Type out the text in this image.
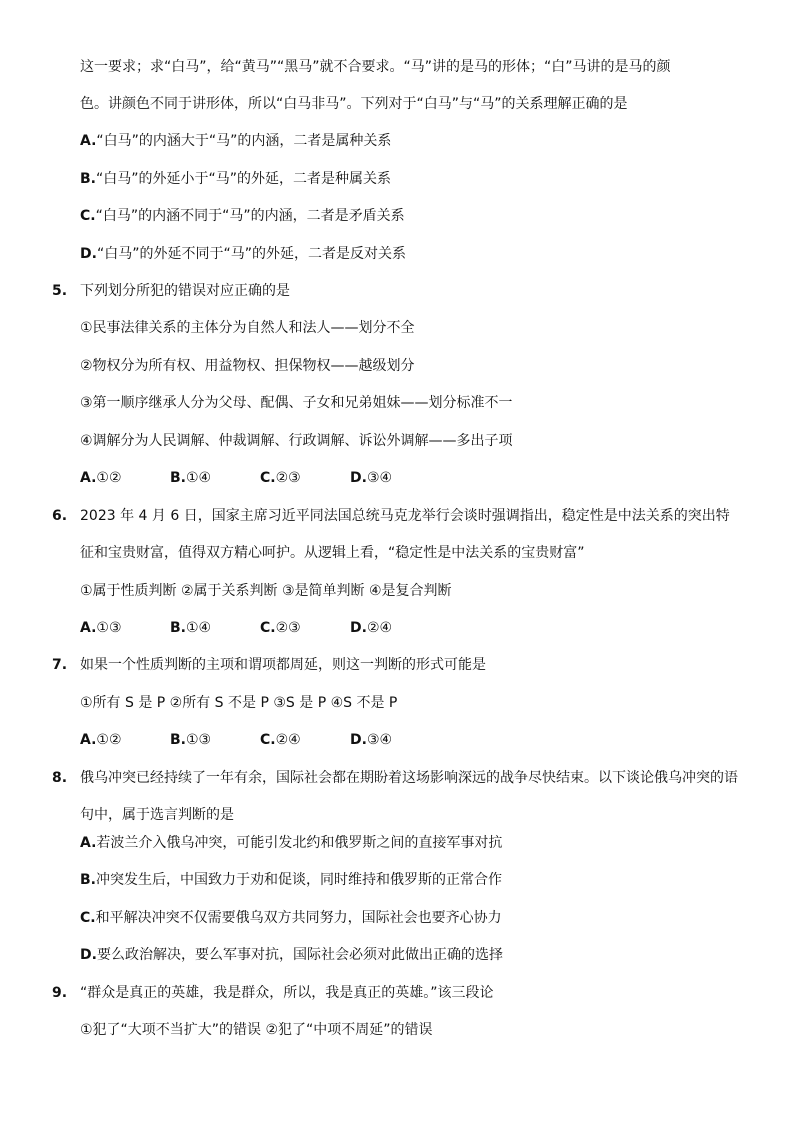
这一要求；求“白马”，给“黄马”“黑马”就不合要求。“马”讲的是马的形体；“白”马讲的是马的颜
色。讲颜色不同于讲形体，所以“白马非马”。下列对于“白马”与“马”的关系理解正确的是
A.“白马”的内涵大于“马”的内涵，二者是属种关系
B.“白马”的外延小于“马”的外延，二者是种属关系
C.“白马”的内涵不同于“马”的内涵，二者是矛盾关系
D.“白马”的外延不同于“马”的外延，二者是反对关系
5. 下列划分所犯的错误对应正确的是
①民事法律关系的主体分为自然人和法人——划分不全
②物权分为所有权、用益物权、担保物权——越级划分
③第一顺序继承人分为父母、配偶、子女和兄弟姐妹——划分标准不一
④调解分为人民调解、仲裁调解、行政调解、诉讼外调解——多出子项
A.①②	B.①④	C.②③	D.③④
6. 2023 年 4 月 6 日，国家主席习近平同法国总统马克龙举行会谈时强调指出，稳定性是中法关系的突出特
征和宝贵财富，值得双方精心呵护。从逻辑上看，“稳定性是中法关系的宝贵财富”
①属于性质判断 ②属于关系判断 ③是简单判断 ④是复合判断
A.①③	B.①④	C.②③	D.②④
7. 如果一个性质判断的主项和谓项都周延，则这一判断的形式可能是
①所有 S 是 P ②所有 S 不是 P ③S 是 P ④S 不是 P
A.①②	B.①③	C.②④	D.③④
8. 俄乌冲突已经持续了一年有余，国际社会都在期盼着这场影响深远的战争尽快结束。以下谈论俄乌冲突的语
句中，属于选言判断的是
A.若波兰介入俄乌冲突，可能引发北约和俄罗斯之间的直接军事对抗
B.冲突发生后，中国致力于劝和促谈，同时维持和俄罗斯的正常合作
C.和平解决冲突不仅需要俄乌双方共同努力，国际社会也要齐心协力
D.要么政治解决，要么军事对抗，国际社会必须对此做出正确的选择
9. “群众是真正的英雄，我是群众，所以，我是真正的英雄。”该三段论
①犯了“大项不当扩大”的错误 ②犯了“中项不周延”的错误
